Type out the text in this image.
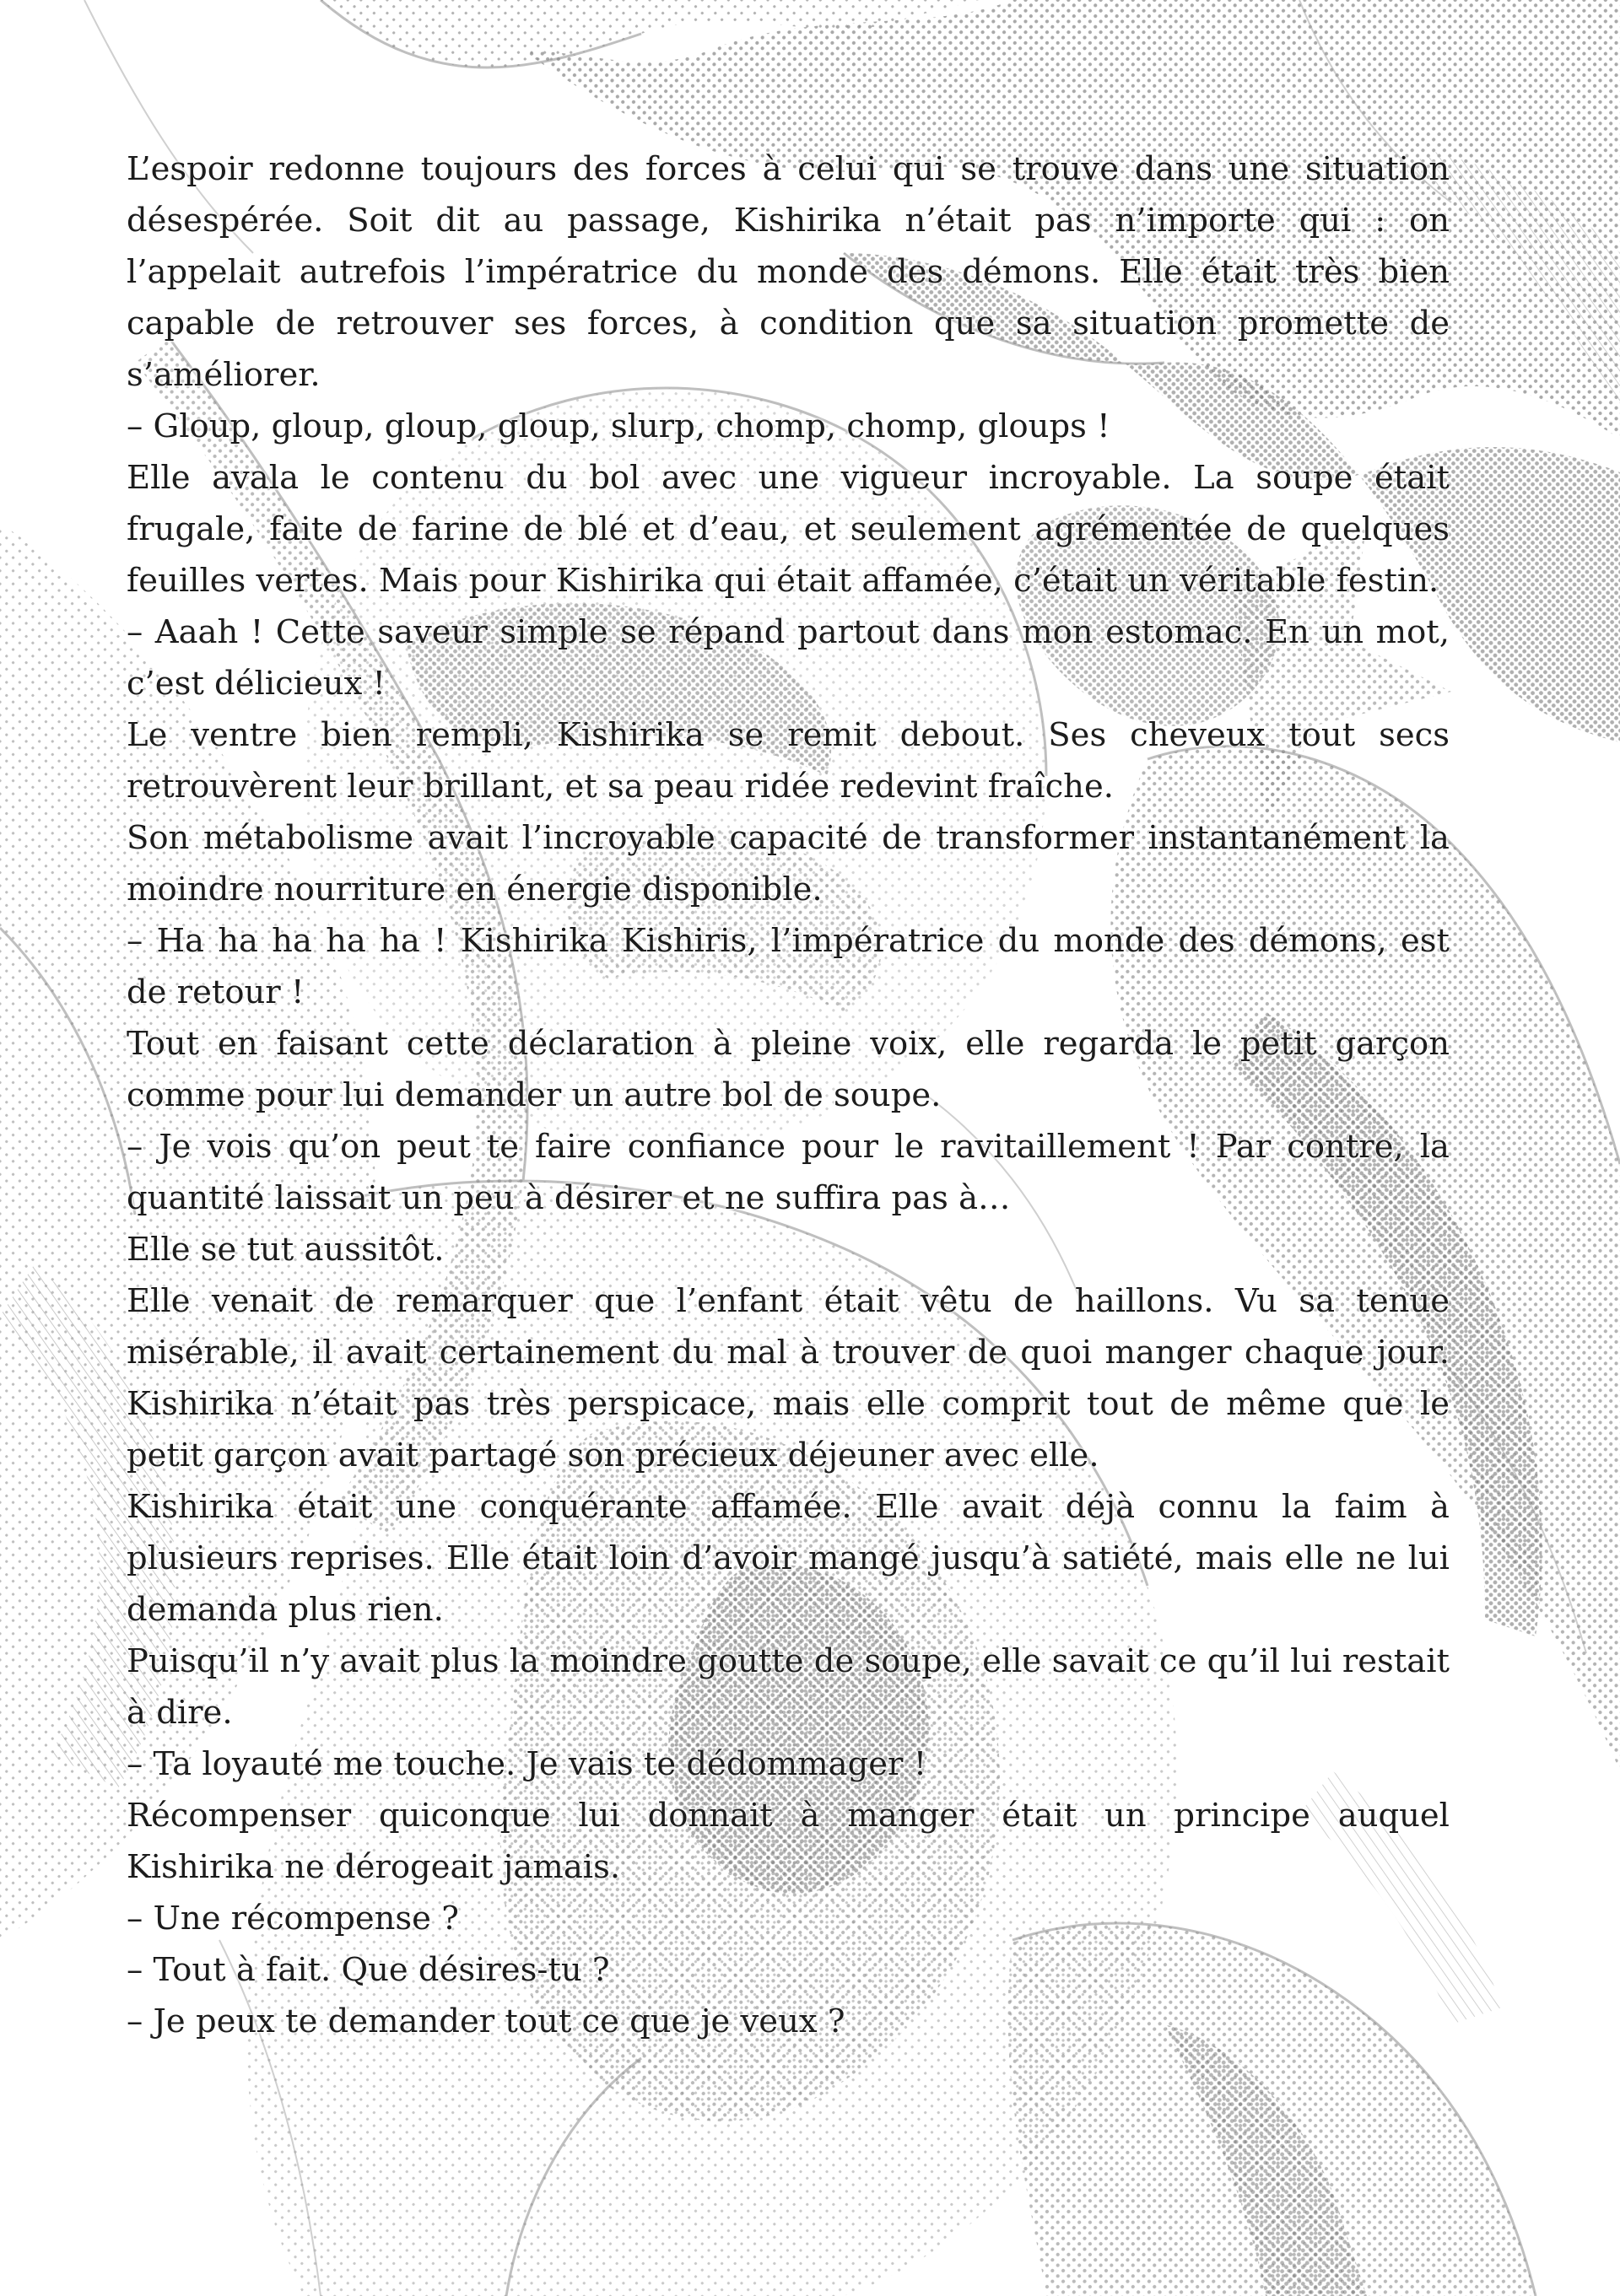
L’espoir redonne toujours des forces à celui qui se trouve dans une situation désespérée. Soit dit au passage, Kishirika n’était pas n’importe qui : on l’appelait autrefois l’impératrice du monde des démons. Elle était très bien capable de retrouver ses forces, à condition que sa situation promette de s’améliorer.

– Gloup, gloup, gloup, gloup, slurp, chomp, chomp, gloups !

Elle avala le contenu du bol avec une vigueur incroyable. La soupe était frugale, faite de farine de blé et d’eau, et seulement agrémentée de quelques feuilles vertes. Mais pour Kishirika qui était affamée, c’était un véritable festin.

– Aaah ! Cette saveur simple se répand partout dans mon estomac. En un mot, c’est délicieux !

Le ventre bien rempli, Kishirika se remit debout. Ses cheveux tout secs retrouvèrent leur brillant, et sa peau ridée redevint fraîche.

Son métabolisme avait l’incroyable capacité de transformer instantanément la moindre nourriture en énergie disponible.

– Ha ha ha ha ha ! Kishirika Kishiris, l’impératrice du monde des démons, est de retour !

Tout en faisant cette déclaration à pleine voix, elle regarda le petit garçon comme pour lui demander un autre bol de soupe.

– Je vois qu’on peut te faire confiance pour le ravitaillement ! Par contre, la quantité laissait un peu à désirer et ne suffira pas à…

Elle se tut aussitôt.

Elle venait de remarquer que l’enfant était vêtu de haillons. Vu sa tenue misérable, il avait certainement du mal à trouver de quoi manger chaque jour. Kishirika n’était pas très perspicace, mais elle comprit tout de même que le petit garçon avait partagé son précieux déjeuner avec elle.

Kishirika était une conquérante affamée. Elle avait déjà connu la faim à plusieurs reprises. Elle était loin d’avoir mangé jusqu’à satiété, mais elle ne lui demanda plus rien.

Puisqu’il n’y avait plus la moindre goutte de soupe, elle savait ce qu’il lui restait à dire.

– Ta loyauté me touche. Je vais te dédommager !

Récompenser quiconque lui donnait à manger était un principe auquel Kishirika ne dérogeait jamais.

– Une récompense ?

– Tout à fait. Que désires-tu ?

– Je peux te demander tout ce que je veux ?
